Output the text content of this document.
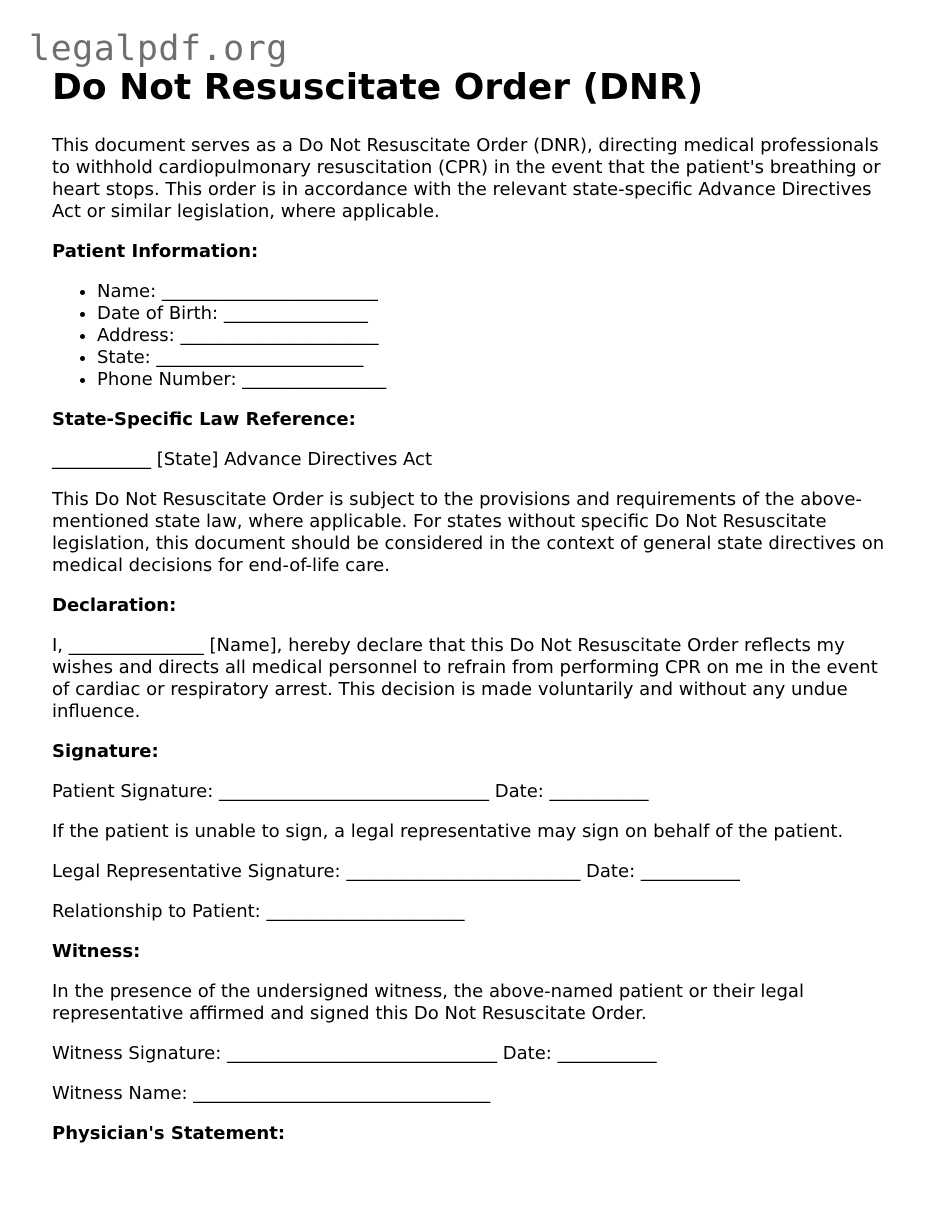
legalpdf.org
Do Not Resuscitate Order (DNR)

This document serves as a Do Not Resuscitate Order (DNR), directing medical professionals to withhold cardiopulmonary resuscitation (CPR) in the event that the patient's breathing or heart stops. This order is in accordance with the relevant state-specific Advance Directives Act or similar legislation, where applicable.

Patient Information:

• Name: ________________________
• Date of Birth: ________________
• Address: ______________________
• State: _______________________
• Phone Number: ________________

State-Specific Law Reference:

___________ [State] Advance Directives Act

This Do Not Resuscitate Order is subject to the provisions and requirements of the above-mentioned state law, where applicable. For states without specific Do Not Resuscitate legislation, this document should be considered in the context of general state directives on medical decisions for end-of-life care.

Declaration:

I, _______________ [Name], hereby declare that this Do Not Resuscitate Order reflects my wishes and directs all medical personnel to refrain from performing CPR on me in the event of cardiac or respiratory arrest. This decision is made voluntarily and without any undue influence.

Signature:

Patient Signature: ______________________________ Date: ___________

If the patient is unable to sign, a legal representative may sign on behalf of the patient.

Legal Representative Signature: __________________________ Date: ___________

Relationship to Patient: ______________________

Witness:

In the presence of the undersigned witness, the above-named patient or their legal representative affirmed and signed this Do Not Resuscitate Order.

Witness Signature: ______________________________ Date: ___________

Witness Name: _________________________________

Physician's Statement:
